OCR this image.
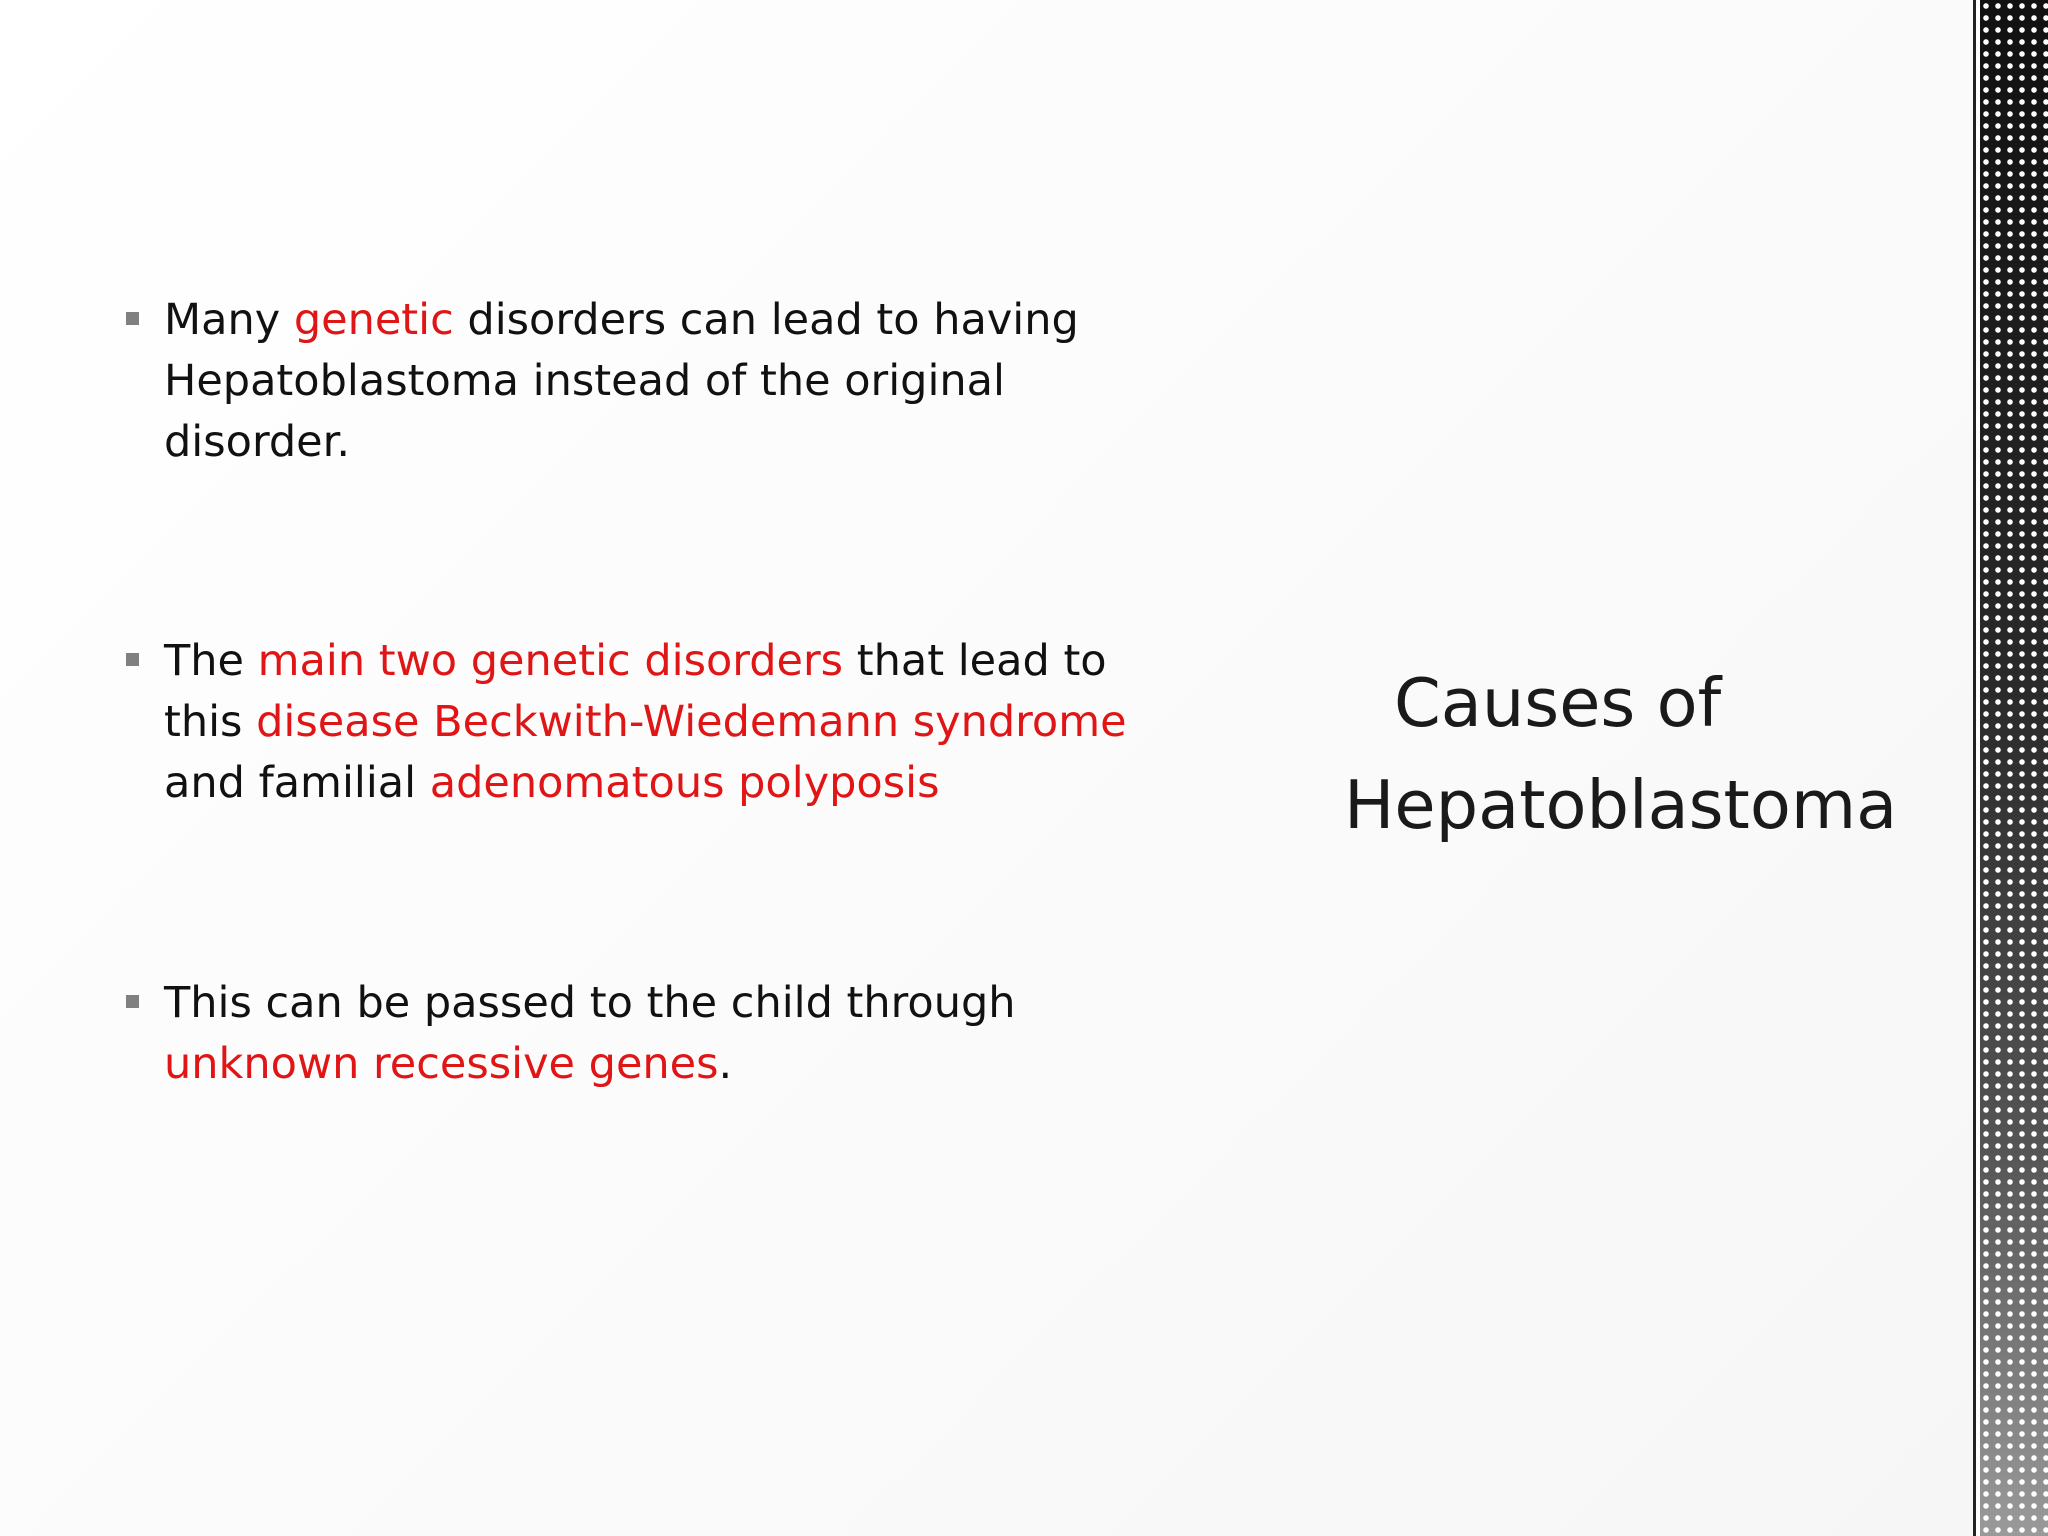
Many genetic disorders can lead to having Hepatoblastoma instead of the original disorder.
The main two genetic disorders that lead to this disease Beckwith-Wiedemann syndrome and familial adenomatous polyposis
This can be passed to the child through unknown recessive genes.
Causes of
Hepatoblastoma
